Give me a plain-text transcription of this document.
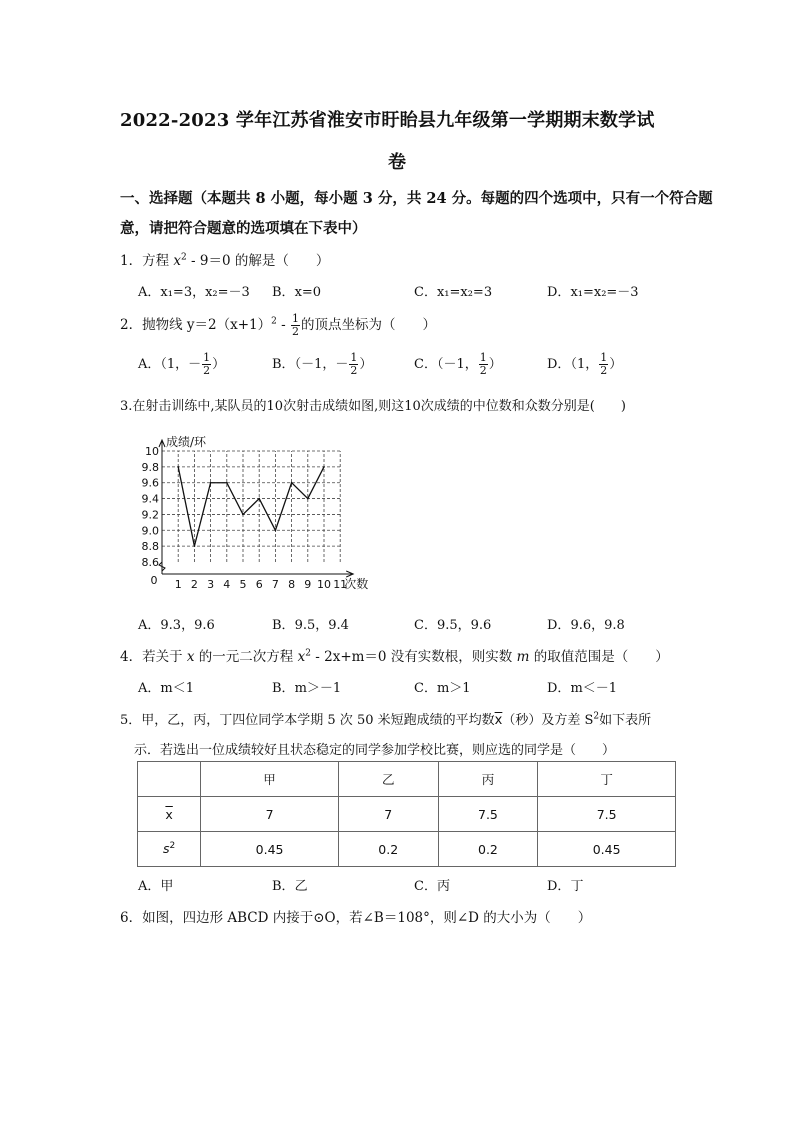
2022-2023 学年江苏省淮安市盱眙县九年级第一学期期末数学试
卷
一、选择题（本题共 8 小题，每小题 3 分，共 24 分。每题的四个选项中，只有一个符合题
意，请把符合题意的选项填在下表中）
1．方程 $x^2 - 9=0$ 的解是（　　）
A．x₁=3，x₂=－3 B．x=0	C．x₁=x₂=3	D．x₁=x₂=－3
2．抛物线 $y=2(x+1)^2 - \frac{1}{2}$ 的顶点坐标为（　　）
A．（1，－ $\frac{1}{2}$ ）	B．（－1，－ $\frac{1}{2}$ ）	C．（－1， $\frac{1}{2}$ ）	D．（1， $\frac{1}{2}$ ）
3.在射击训练中,某队员的10次射击成绩如图,则这10次成绩的中位数和众数分别是(　　)
8.6
8.8
9.0
9.2
9.4
9.6
9.8
10
1 2 3 4 5 6 7 8 9 10 11
0
成绩/环
次数
A．9.3，9.6	B．9.5，9.4	C．9.5，9.6	D．9.6，9.8
4．若关于 x 的一元二次方程 $x^2 - 2x+m=0$ 没有实数根，则实数 m 的取值范围是（　　）
A．m＜1	B．m＞－1	C．m＞1	D．m＜－1
5．甲，乙，丙，丁四位同学本学期 5 次 50 米短跑成绩的平均数$\overline{x}$（秒）及方差 $S^2$如下表所
示．若选出一位成绩较好且状态稳定的同学参加学校比赛，则应选的同学是（　　）
	甲	乙	丙	丁
$\overline{x}$	7	7	7.5	7.5
$s^2$	0.45	0.2	0.2	0.45
A．甲	B．乙	C．丙	D．丁
6．如图，四边形 ABCD 内接于⊙O，若∠B＝108°，则∠D 的大小为（　　）
